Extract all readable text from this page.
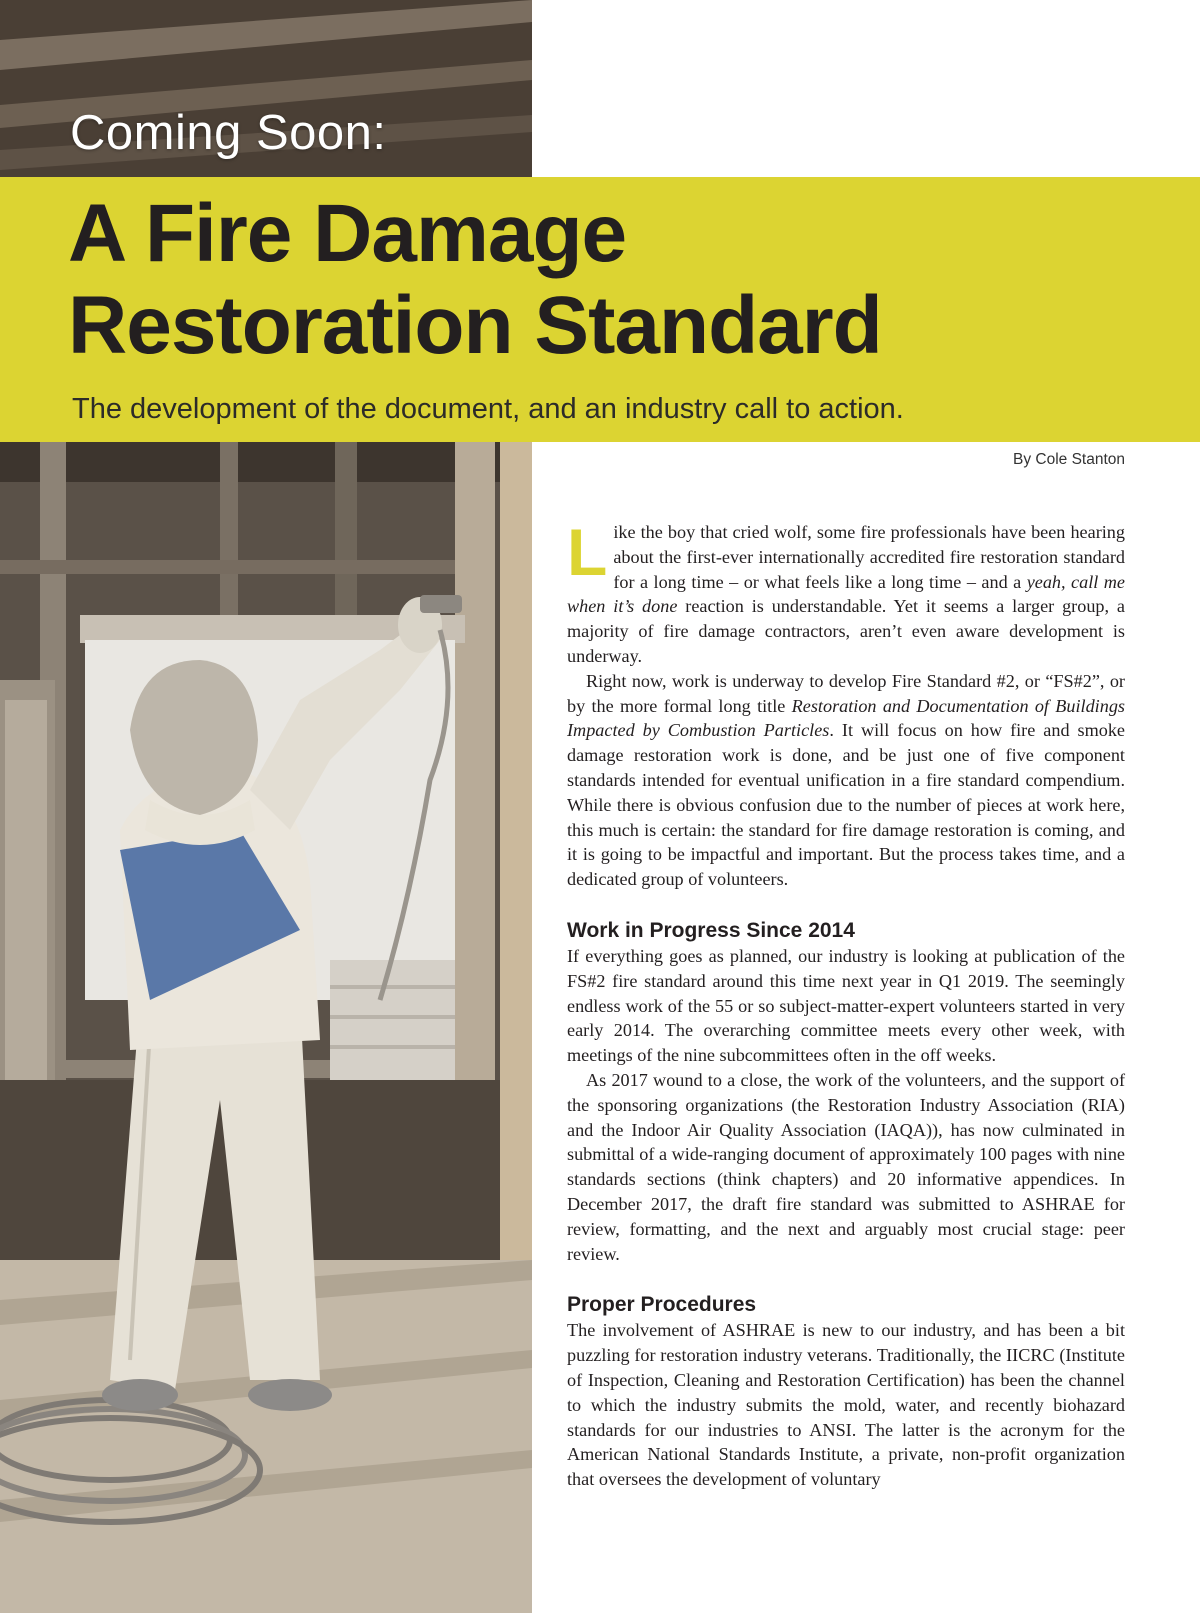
Coming Soon:

A Fire Damage
Restoration Standard

The development of the document, and an industry call to action.

By Cole Stanton

Like the boy that cried wolf, some fire professionals have been hearing about the first-ever internationally accredited fire restoration standard for a long time – or what feels like a long time – and a yeah, call me when it’s done reaction is understandable. Yet it seems a larger group, a majority of fire damage contractors, aren’t even aware development is underway.

Right now, work is underway to develop Fire Standard #2, or “FS#2”, or by the more formal long title Restoration and Documentation of Buildings Impacted by Combustion Particles. It will focus on how fire and smoke damage restoration work is done, and be just one of five component standards intended for eventual unification in a fire standard compendium. While there is obvious confusion due to the number of pieces at work here, this much is certain: the standard for fire damage restoration is coming, and it is going to be impactful and important. But the process takes time, and a dedicated group of volunteers.

Work in Progress Since 2014

If everything goes as planned, our industry is looking at publication of the FS#2 fire standard around this time next year in Q1 2019. The seemingly endless work of the 55 or so subject-matter-expert volunteers started in very early 2014. The overarching committee meets every other week, with meetings of the nine subcommittees often in the off weeks.

As 2017 wound to a close, the work of the volunteers, and the support of the sponsoring organizations (the Restoration Industry Association (RIA) and the Indoor Air Quality Association (IAQA)), has now culminated in submittal of a wide-ranging document of approximately 100 pages with nine standards sections (think chapters) and 20 informative appendices. In December 2017, the draft fire standard was submitted to ASHRAE for review, formatting, and the next and arguably most crucial stage: peer review.

Proper Procedures

The involvement of ASHRAE is new to our industry, and has been a bit puzzling for restoration industry veterans. Traditionally, the IICRC (Institute of Inspection, Cleaning and Restoration Certification) has been the channel to which the industry submits the mold, water, and recently biohazard standards for our industries to ANSI. The latter is the acronym for the American National Standards Institute, a private, non-profit organization that oversees the development of voluntary
